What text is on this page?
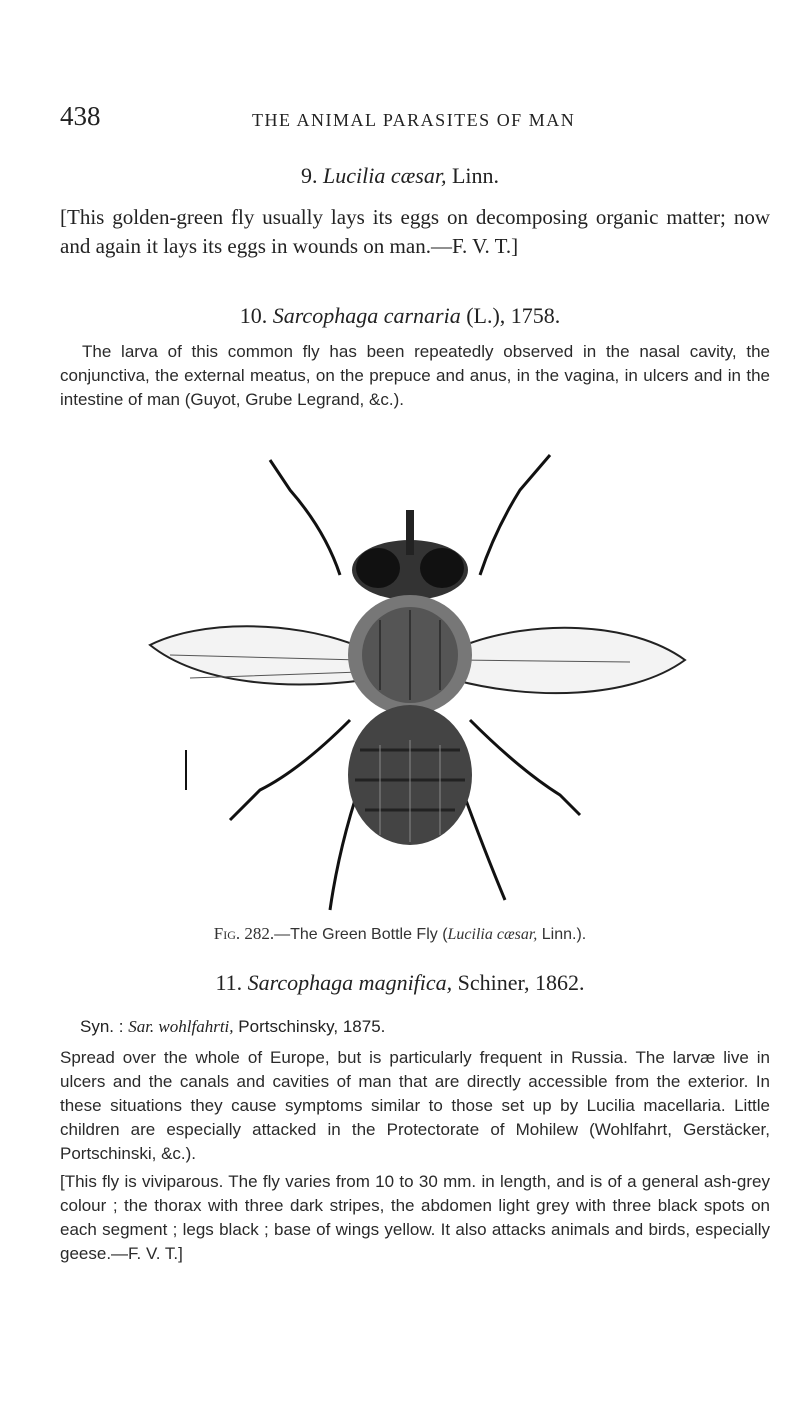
438	THE ANIMAL PARASITES OF MAN
9. Lucilia cæsar, Linn.
[This golden-green fly usually lays its eggs on decomposing organic matter; now and again it lays its eggs in wounds on man.—F. V. T.]
10. Sarcophaga carnaria (L.), 1758.
The larva of this common fly has been repeatedly observed in the nasal cavity, the conjunctiva, the external meatus, on the prepuce and anus, in the vagina, in ulcers and in the intestine of man (Guyot, Grube Legrand, &c.).
Fig. 282.—The Green Bottle Fly (Lucilia cæsar, Linn.).
11. Sarcophaga magnifica, Schiner, 1862.
Syn. : Sar. wohlfahrti, Portschinsky, 1875.
Spread over the whole of Europe, but is particularly frequent in Russia. The larvæ live in ulcers and the canals and cavities of man that are directly accessible from the exterior. In these situations they cause symptoms similar to those set up by Lucilia macellaria. Little children are especially attacked in the Protectorate of Mohilew (Wohlfahrt, Gerstäcker, Portschinski, &c.).
[This fly is viviparous. The fly varies from 10 to 30 mm. in length, and is of a general ash-grey colour ; the thorax with three dark stripes, the abdomen light grey with three black spots on each segment ; legs black ; base of wings yellow. It also attacks animals and birds, especially geese.—F. V. T.]
